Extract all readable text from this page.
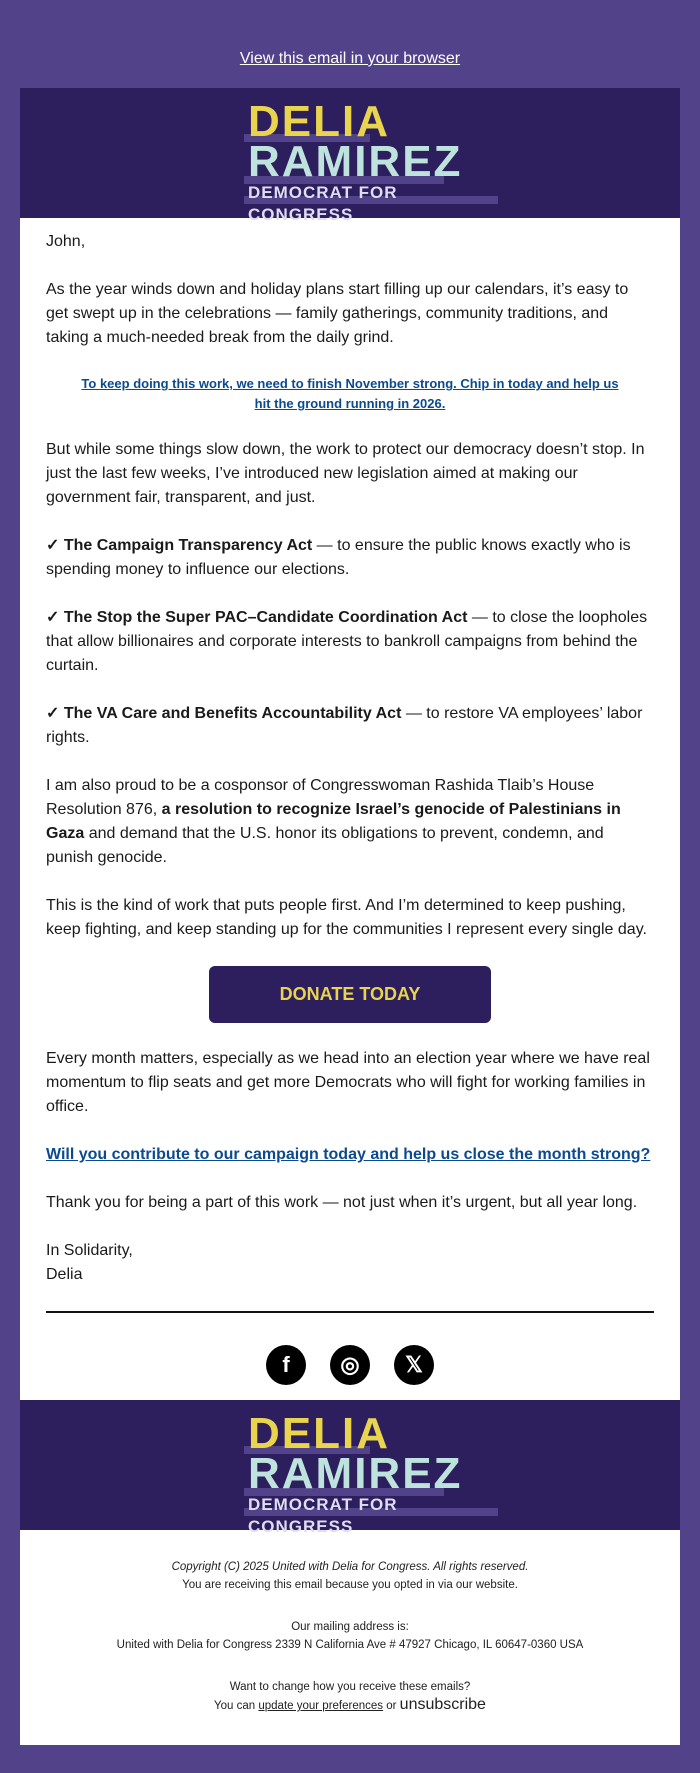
View this email in your browser
DELIA
RAMIREZ
DEMOCRAT FOR CONGRESS

John,

As the year winds down and holiday plans start filling up our calendars, it’s easy to get swept up in the celebrations — family gatherings, community traditions, and taking a much-needed break from the daily grind.

To keep doing this work, we need to finish November strong. Chip in today and help us hit the ground running in 2026.

But while some things slow down, the work to protect our democracy doesn’t stop. In just the last few weeks, I’ve introduced new legislation aimed at making our government fair, transparent, and just.

✓ The Campaign Transparency Act — to ensure the public knows exactly who is spending money to influence our elections.

✓ The Stop the Super PAC–Candidate Coordination Act — to close the loopholes that allow billionaires and corporate interests to bankroll campaigns from behind the curtain.

✓ The VA Care and Benefits Accountability Act — to restore VA employees’ labor rights.

I am also proud to be a cosponsor of Congresswoman Rashida Tlaib’s House Resolution 876, a resolution to recognize Israel’s genocide of Palestinians in Gaza and demand that the U.S. honor its obligations to prevent, condemn, and punish genocide.

This is the kind of work that puts people first. And I’m determined to keep pushing, keep fighting, and keep standing up for the communities I represent every single day.

DONATE TODAY

Every month matters, especially as we head into an election year where we have real momentum to flip seats and get more Democrats who will fight for working families in office.

Will you contribute to our campaign today and help us close the month strong?

Thank you for being a part of this work — not just when it’s urgent, but all year long.

In Solidarity,
Delia

f	◎	𝕏
DELIA
RAMIREZ
DEMOCRAT FOR CONGRESS
Copyright (C) 2025 United with Delia for Congress. All rights reserved.
You are receiving this email because you opted in via our website.
Our mailing address is:
United with Delia for Congress 2339 N California Ave # 47927 Chicago, IL 60647-0360 USA
Want to change how you receive these emails?
You can update your preferences or unsubscribe
